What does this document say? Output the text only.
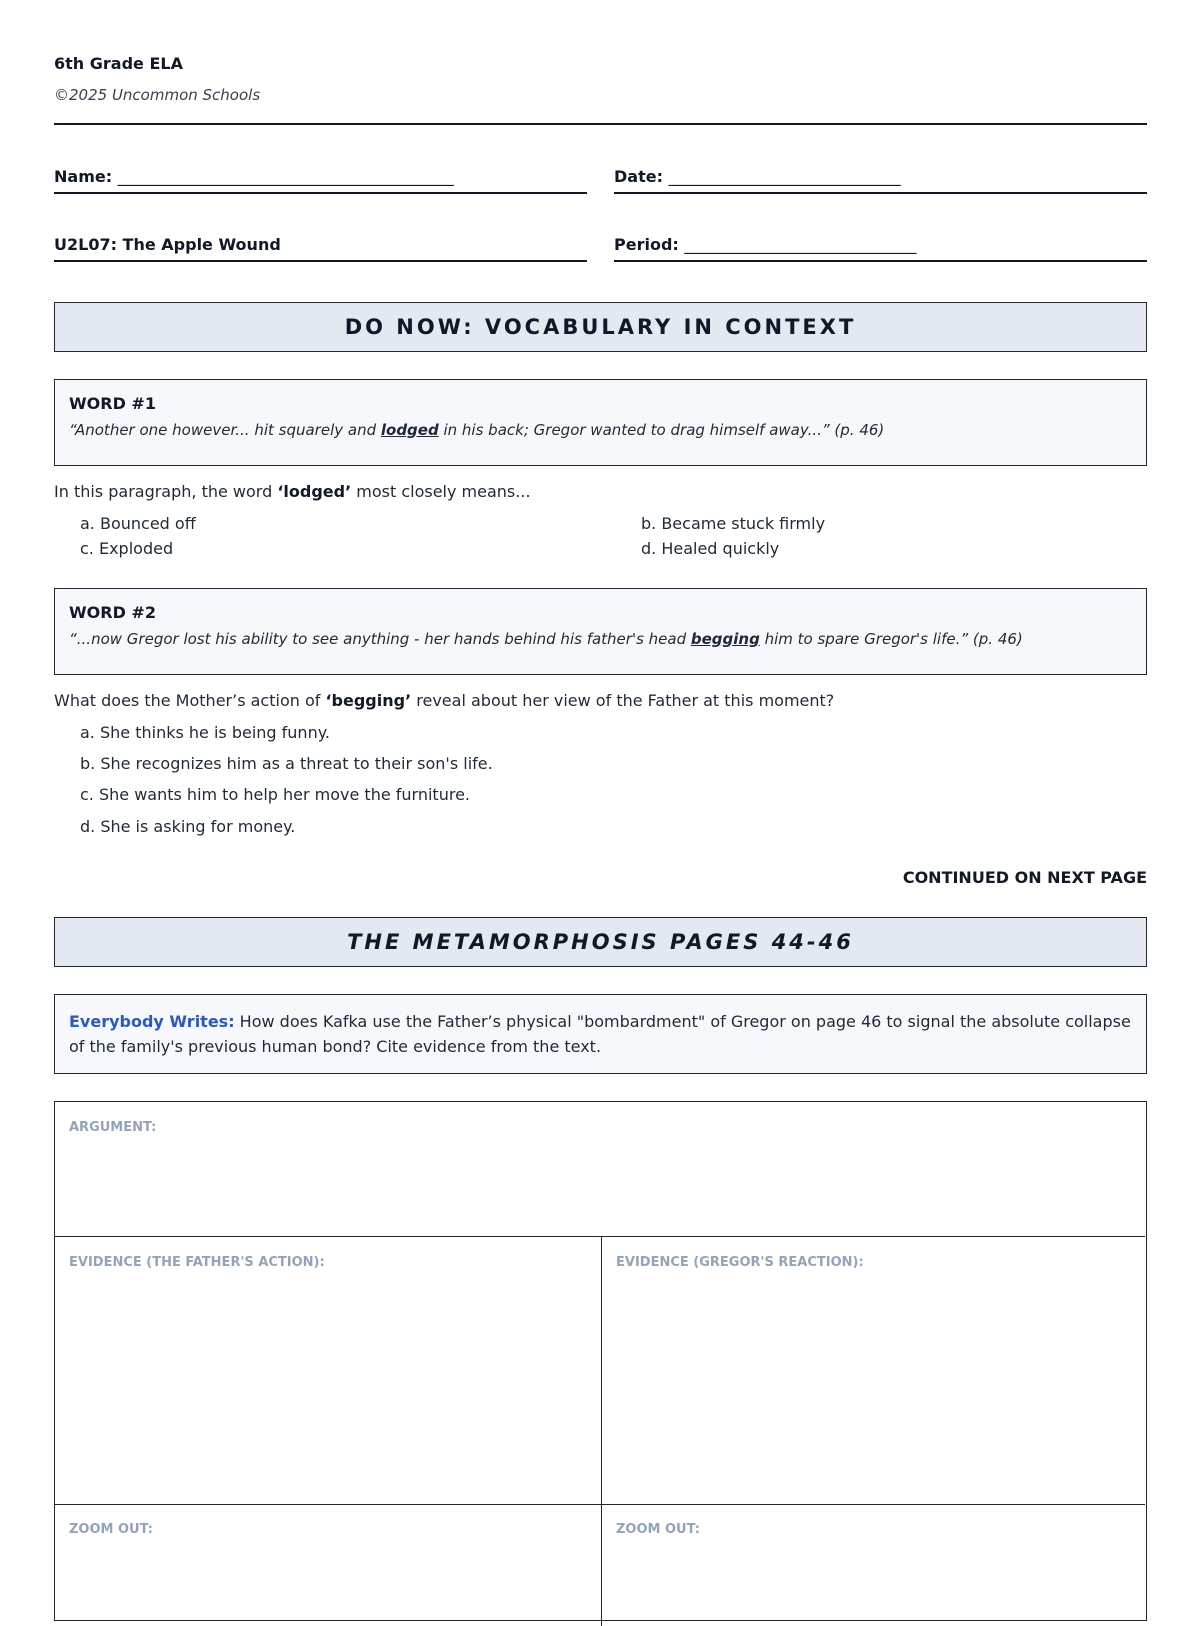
6th Grade ELA
©2025 Uncommon Schools
Name: __________________________________________	Date: _____________________________
U2L07: The Apple Wound	Period: _____________________________
DO NOW: VOCABULARY IN CONTEXT
WORD #1
“Another one however... hit squarely and lodged in his back; Gregor wanted to drag himself away...” (p. 46)
In this paragraph, the word ‘lodged’ most closely means...
a. Bounced off	b. Became stuck firmly
c. Exploded	d. Healed quickly
WORD #2
“...now Gregor lost his ability to see anything - her hands behind his father's head begging him to spare Gregor's life.” (p. 46)
What does the Mother’s action of ‘begging’ reveal about her view of the Father at this moment?
a. She thinks he is being funny.
b. She recognizes him as a threat to their son's life.
c. She wants him to help her move the furniture.
d. She is asking for money.
CONTINUED ON NEXT PAGE
THE METAMORPHOSIS PAGES 44-46
Everybody Writes: How does Kafka use the Father’s physical "bombardment" of Gregor on page 46 to signal the absolute collapse of the family's previous human bond? Cite evidence from the text.
ARGUMENT:
EVIDENCE (THE FATHER'S ACTION):	EVIDENCE (GREGOR'S REACTION):
ZOOM OUT:	ZOOM OUT:
